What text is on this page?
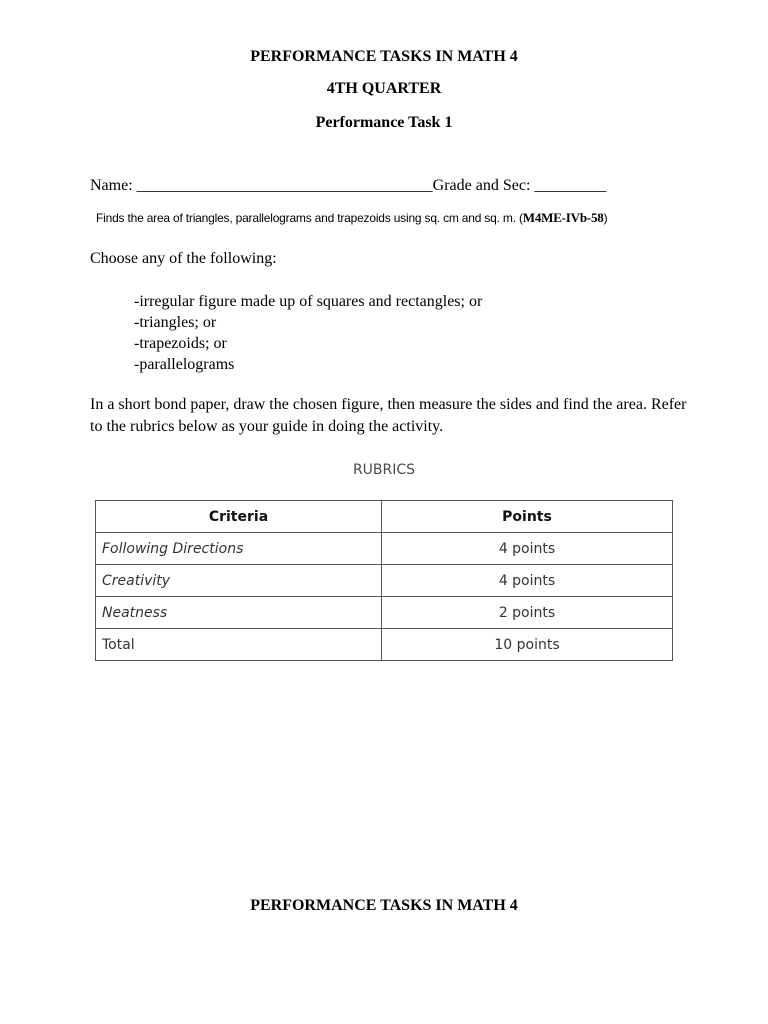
PERFORMANCE TASKS IN MATH 4
4TH QUARTER
Performance Task 1
Name: _____________________________________Grade and Sec: _________
Finds the area of triangles, parallelograms and trapezoids using sq. cm and sq. m. (M4ME-IVb-58)
Choose any of the following:
-irregular figure made up of squares and rectangles; or
-triangles; or
-trapezoids; or
-parallelograms
In a short bond paper, draw the chosen figure, then measure the sides and find the area. Refer to the rubrics below as your guide in doing the activity.
RUBRICS
Criteria	Points
Following Directions	4 points
Creativity	4 points
Neatness	2 points
Total	10 points
PERFORMANCE TASKS IN MATH 4
